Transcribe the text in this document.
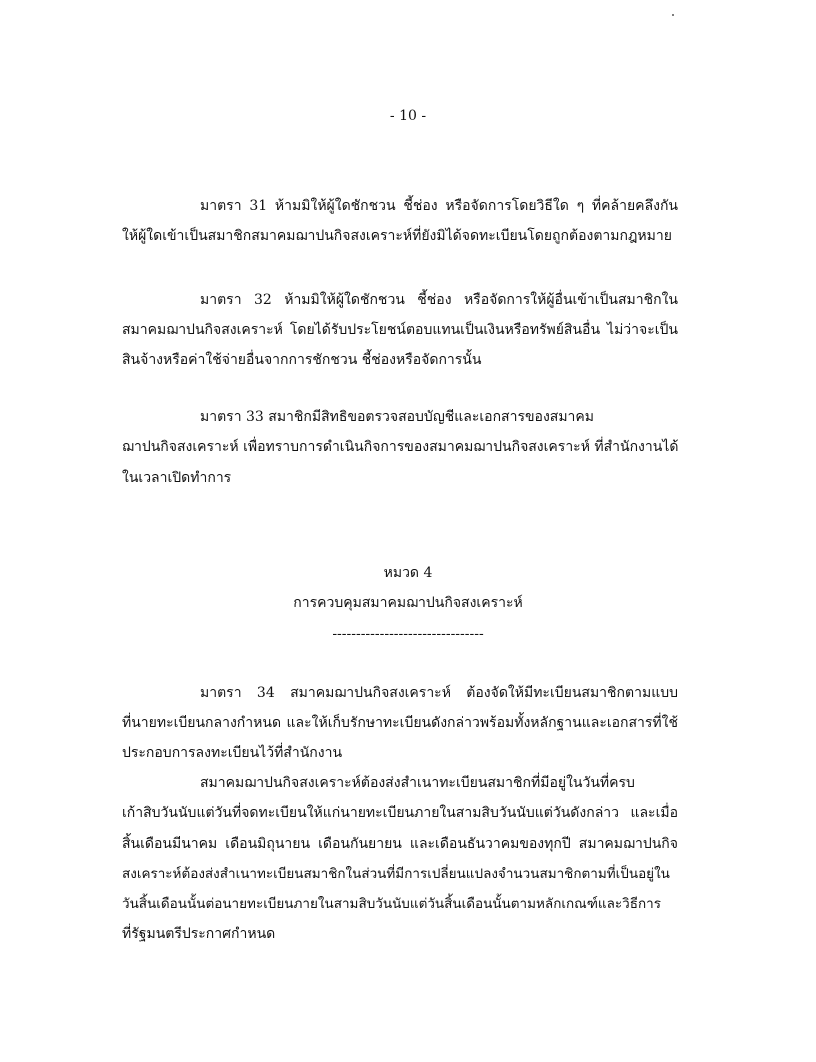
- 10 -
มาตรา 31 ห้ามมิให้ผู้ใดชักชวน ชี้ช่อง หรือจัดการโดยวิธีใด ๆ ที่คล้ายคลึงกัน
ให้ผู้ใดเข้าเป็นสมาชิกสมาคมฌาปนกิจสงเคราะห์ที่ยังมิได้จดทะเบียนโดยถูกต้องตามกฎหมาย
มาตรา 32 ห้ามมิให้ผู้ใดชักชวน ชี้ช่อง หรือจัดการให้ผู้อื่นเข้าเป็นสมาชิกใน
สมาคมฌาปนกิจสงเคราะห์ โดยได้รับประโยชน์ตอบแทนเป็นเงินหรือทรัพย์สินอื่น ไม่ว่าจะเป็น
สินจ้างหรือค่าใช้จ่ายอื่นจากการชักชวน ชี้ช่องหรือจัดการนั้น
มาตรา 33 สมาชิกมีสิทธิขอตรวจสอบบัญชีและเอกสารของสมาคม
ฌาปนกิจสงเคราะห์ เพื่อทราบการดำเนินกิจการของสมาคมฌาปนกิจสงเคราะห์ ที่สำนักงานได้
ในเวลาเปิดทำการ
หมวด 4
การควบคุมสมาคมฌาปนกิจสงเคราะห์
--------------------------------
มาตรา 34 สมาคมฌาปนกิจสงเคราะห์ ต้องจัดให้มีทะเบียนสมาชิกตามแบบ
ที่นายทะเบียนกลางกำหนด และให้เก็บรักษาทะเบียนดังกล่าวพร้อมทั้งหลักฐานและเอกสารที่ใช้
ประกอบการลงทะเบียนไว้ที่สำนักงาน
สมาคมฌาปนกิจสงเคราะห์ต้องส่งสำเนาทะเบียนสมาชิกที่มีอยู่ในวันที่ครบ
เก้าสิบวันนับแต่วันที่จดทะเบียนให้แก่นายทะเบียนภายในสามสิบวันนับแต่วันดังกล่าว และเมื่อ
สิ้นเดือนมีนาคม เดือนมิถุนายน เดือนกันยายน และเดือนธันวาคมของทุกปี สมาคมฌาปนกิจ
สงเคราะห์ต้องส่งสำเนาทะเบียนสมาชิกในส่วนที่มีการเปลี่ยนแปลงจำนวนสมาชิกตามที่เป็นอยู่ใน
วันสิ้นเดือนนั้นต่อนายทะเบียนภายในสามสิบวันนับแต่วันสิ้นเดือนนั้นตามหลักเกณฑ์และวิธีการ
ที่รัฐมนตรีประกาศกำหนด
